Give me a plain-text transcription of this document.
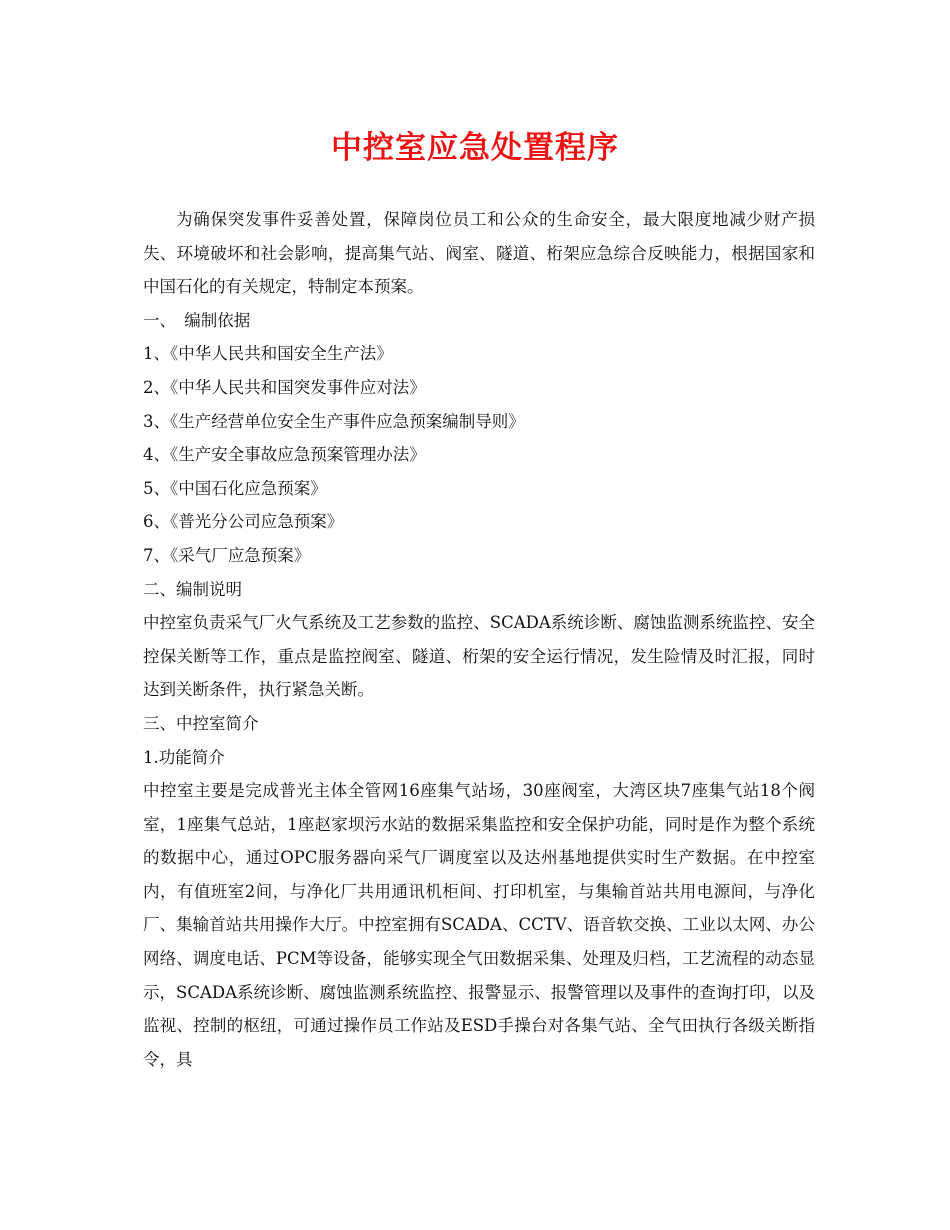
中控室应急处置程序

为确保突发事件妥善处置，保障岗位员工和公众的生命安全，最大限度地减少财产损失、环境破坏和社会影响，提高集气站、阀室、隧道、桁架应急综合反映能力，根据国家和中国石化的有关规定，特制定本预案。

一、　编制依据

1、《中华人民共和国安全生产法》

2、《中华人民共和国突发事件应对法》

3、《生产经营单位安全生产事件应急预案编制导则》

4、《生产安全事故应急预案管理办法》

5、《中国石化应急预案》

6、《普光分公司应急预案》

7、《采气厂应急预案》

二、编制说明

中控室负责采气厂火气系统及工艺参数的监控、SCADA系统诊断、腐蚀监测系统监控、安全控保关断等工作，重点是监控阀室、隧道、桁架的安全运行情况，发生险情及时汇报，同时达到关断条件，执行紧急关断。

三、中控室简介

1.功能简介

中控室主要是完成普光主体全管网16座集气站场，30座阀室，大湾区块7座集气站18个阀室，1座集气总站，1座赵家坝污水站的数据采集监控和安全保护功能，同时是作为整个系统的数据中心，通过OPC服务器向采气厂调度室以及达州基地提供实时生产数据。在中控室内，有值班室2间，与净化厂共用通讯机柜间、打印机室，与集输首站共用电源间，与净化厂、集输首站共用操作大厅。中控室拥有SCADA、CCTV、语音软交换、工业以太网、办公网络、调度电话、PCM等设备，能够实现全气田数据采集、处理及归档，工艺流程的动态显示，SCADA系统诊断、腐蚀监测系统监控、报警显示、报警管理以及事件的查询打印，以及监视、控制的枢纽，可通过操作员工作站及ESD手操台对各集气站、全气田执行各级关断指令，具
